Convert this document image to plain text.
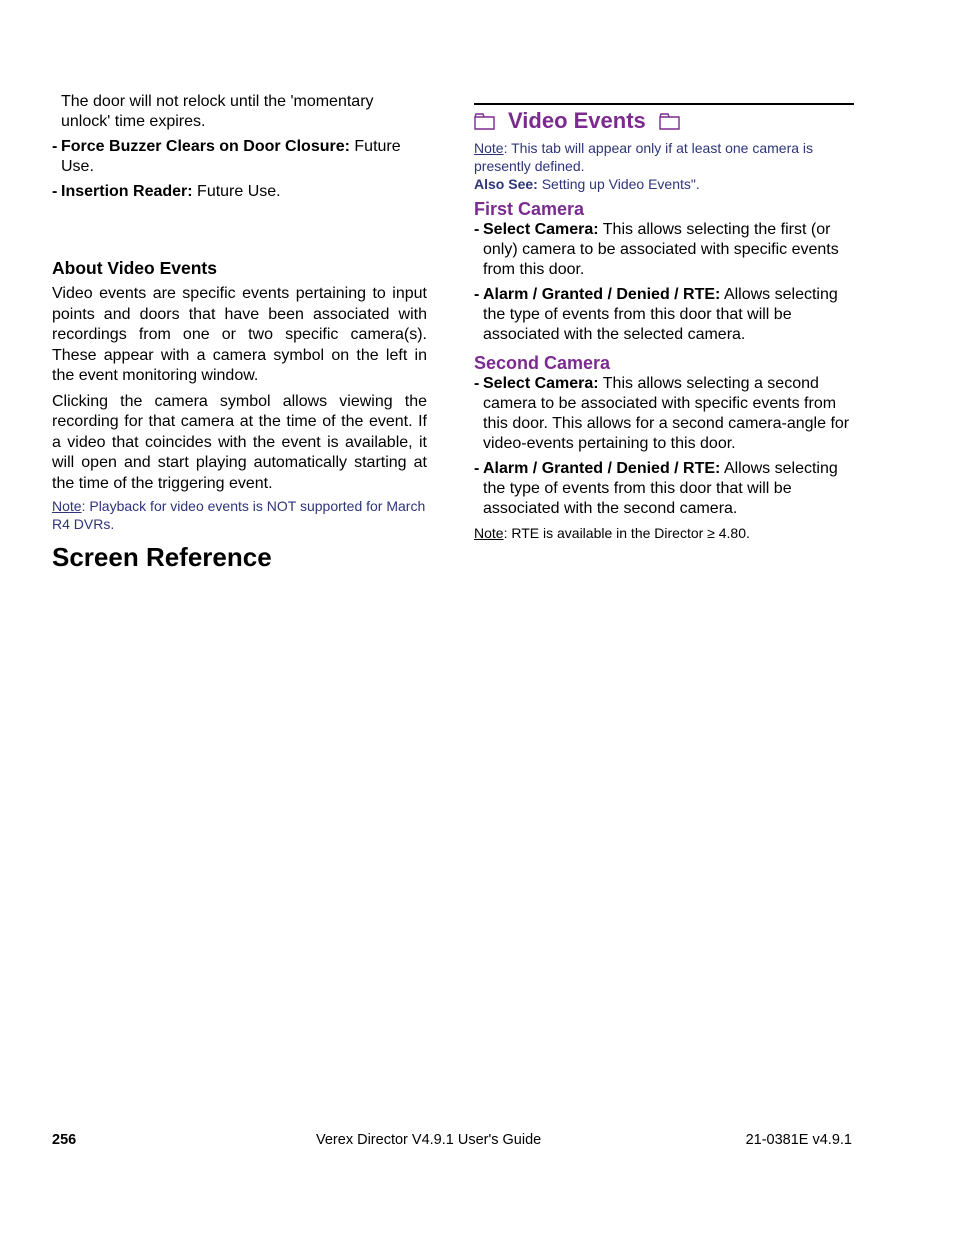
The door will not relock until the 'momentary unlock' time expires.

- Force Buzzer Clears on Door Closure: Future Use.
- Insertion Reader: Future Use.
About Video Events

Video events are specific events pertaining to input points and doors that have been associated with recordings from one or two specific camera(s). These appear with a camera symbol on the left in the event monitoring window.

Clicking the camera symbol allows viewing the recording for that camera at the time of the event. If a video that coincides with the event is available, it will open and start playing automatically starting at the time of the triggering event.

Note: Playback for video events is NOT supported for March R4 DVRs.

Screen Reference
Video Events

Note: This tab will appear only if at least one camera is presently defined.

Also See: Setting up Video Events".

First Camera

- Select Camera: This allows selecting the first (or only) camera to be associated with specific events from this door.
- Alarm / Granted / Denied / RTE: Allows selecting the type of events from this door that will be associated with the selected camera.

Second Camera

- Select Camera: This allows selecting a second camera to be associated with specific events from this door. This allows for a second camera-angle for video-events pertaining to this door.
- Alarm / Granted / Denied / RTE: Allows selecting the type of events from this door that will be associated with the second camera.

Note: RTE is available in the Director ≥ 4.80.

256	Verex Director V4.9.1 User's Guide	21-0381E v4.9.1
